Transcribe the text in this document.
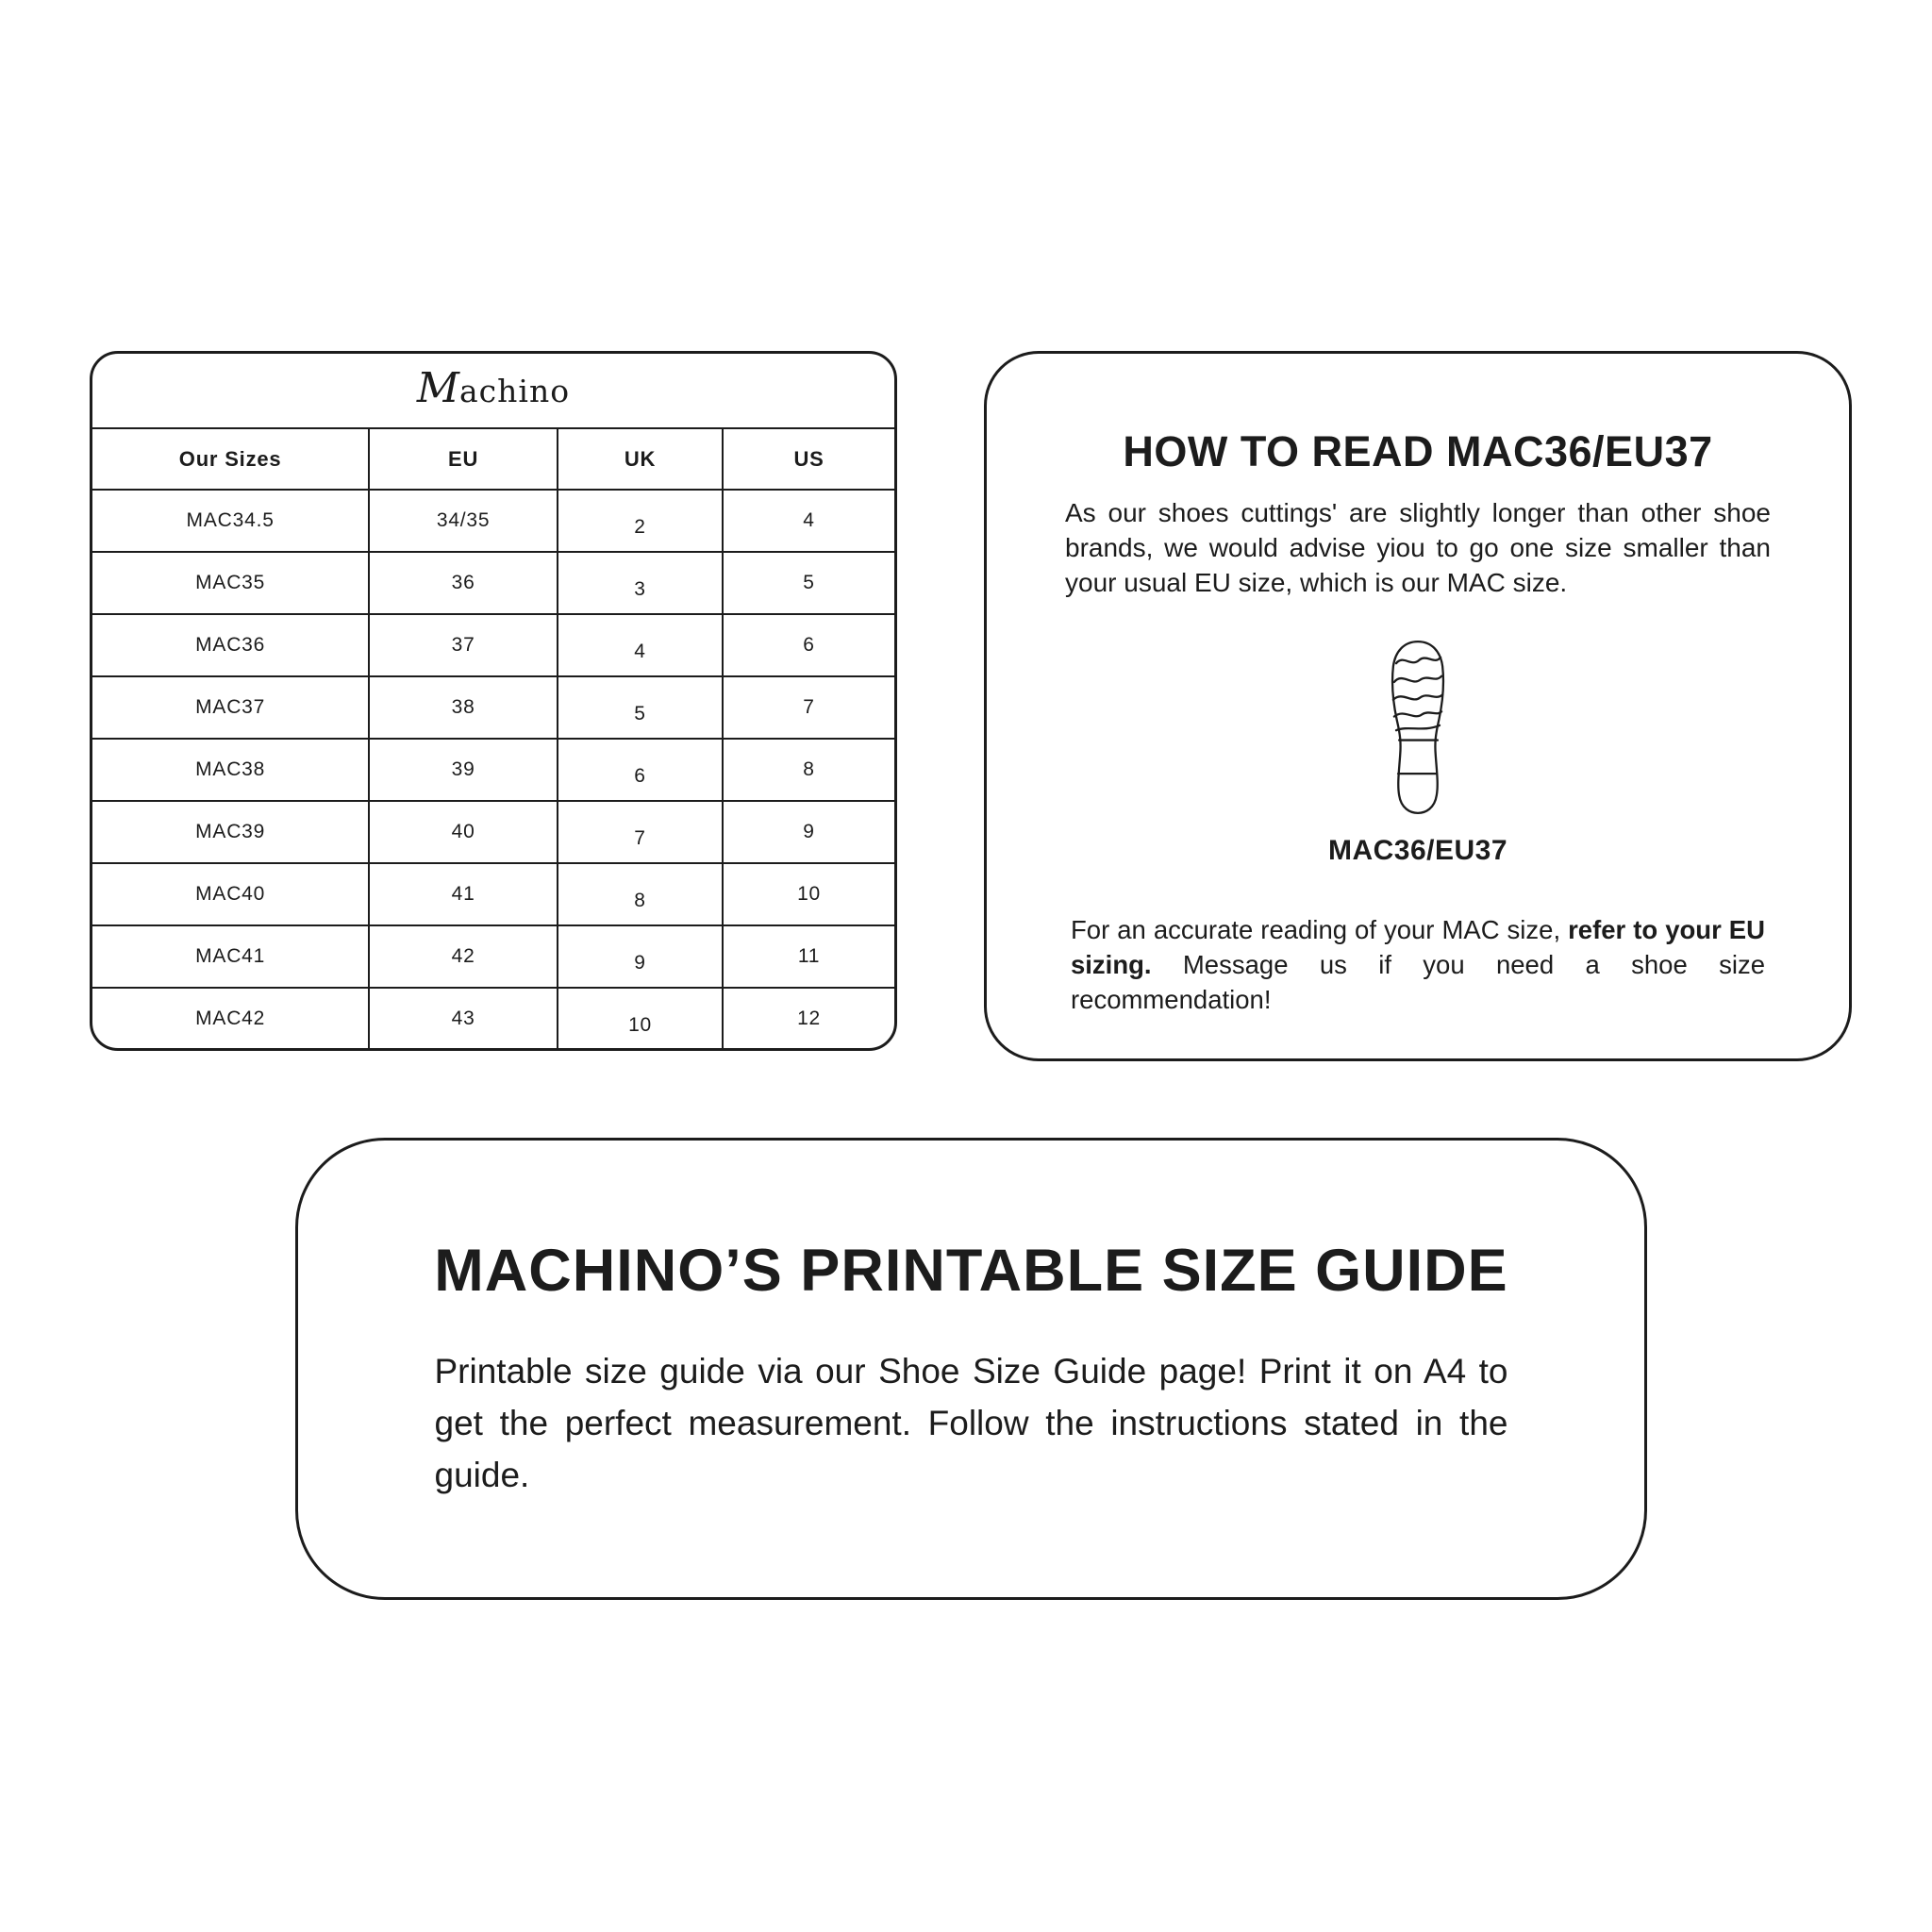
Machino
Our Sizes	EU	UK	US
MAC34.5	34/35	2	4
MAC35	36	3	5
MAC36	37	4	6
MAC37	38	5	7
MAC38	39	6	8
MAC39	40	7	9
MAC40	41	8	10
MAC41	42	9	11
MAC42	43	10	12
HOW TO READ MAC36/EU37

As our shoes cuttings' are slightly longer than other shoe brands, we would advise yiou to go one size smaller than your usual EU size, which is our MAC size.

MAC36/EU37

For an accurate reading of your MAC size, refer to your EU sizing. Message us if you need a shoe size recommendation!

MACHINO’S PRINTABLE SIZE GUIDE

Printable size guide via our Shoe Size Guide page! Print it on A4 to get the perfect measurement. Follow the instructions stated in the guide.
